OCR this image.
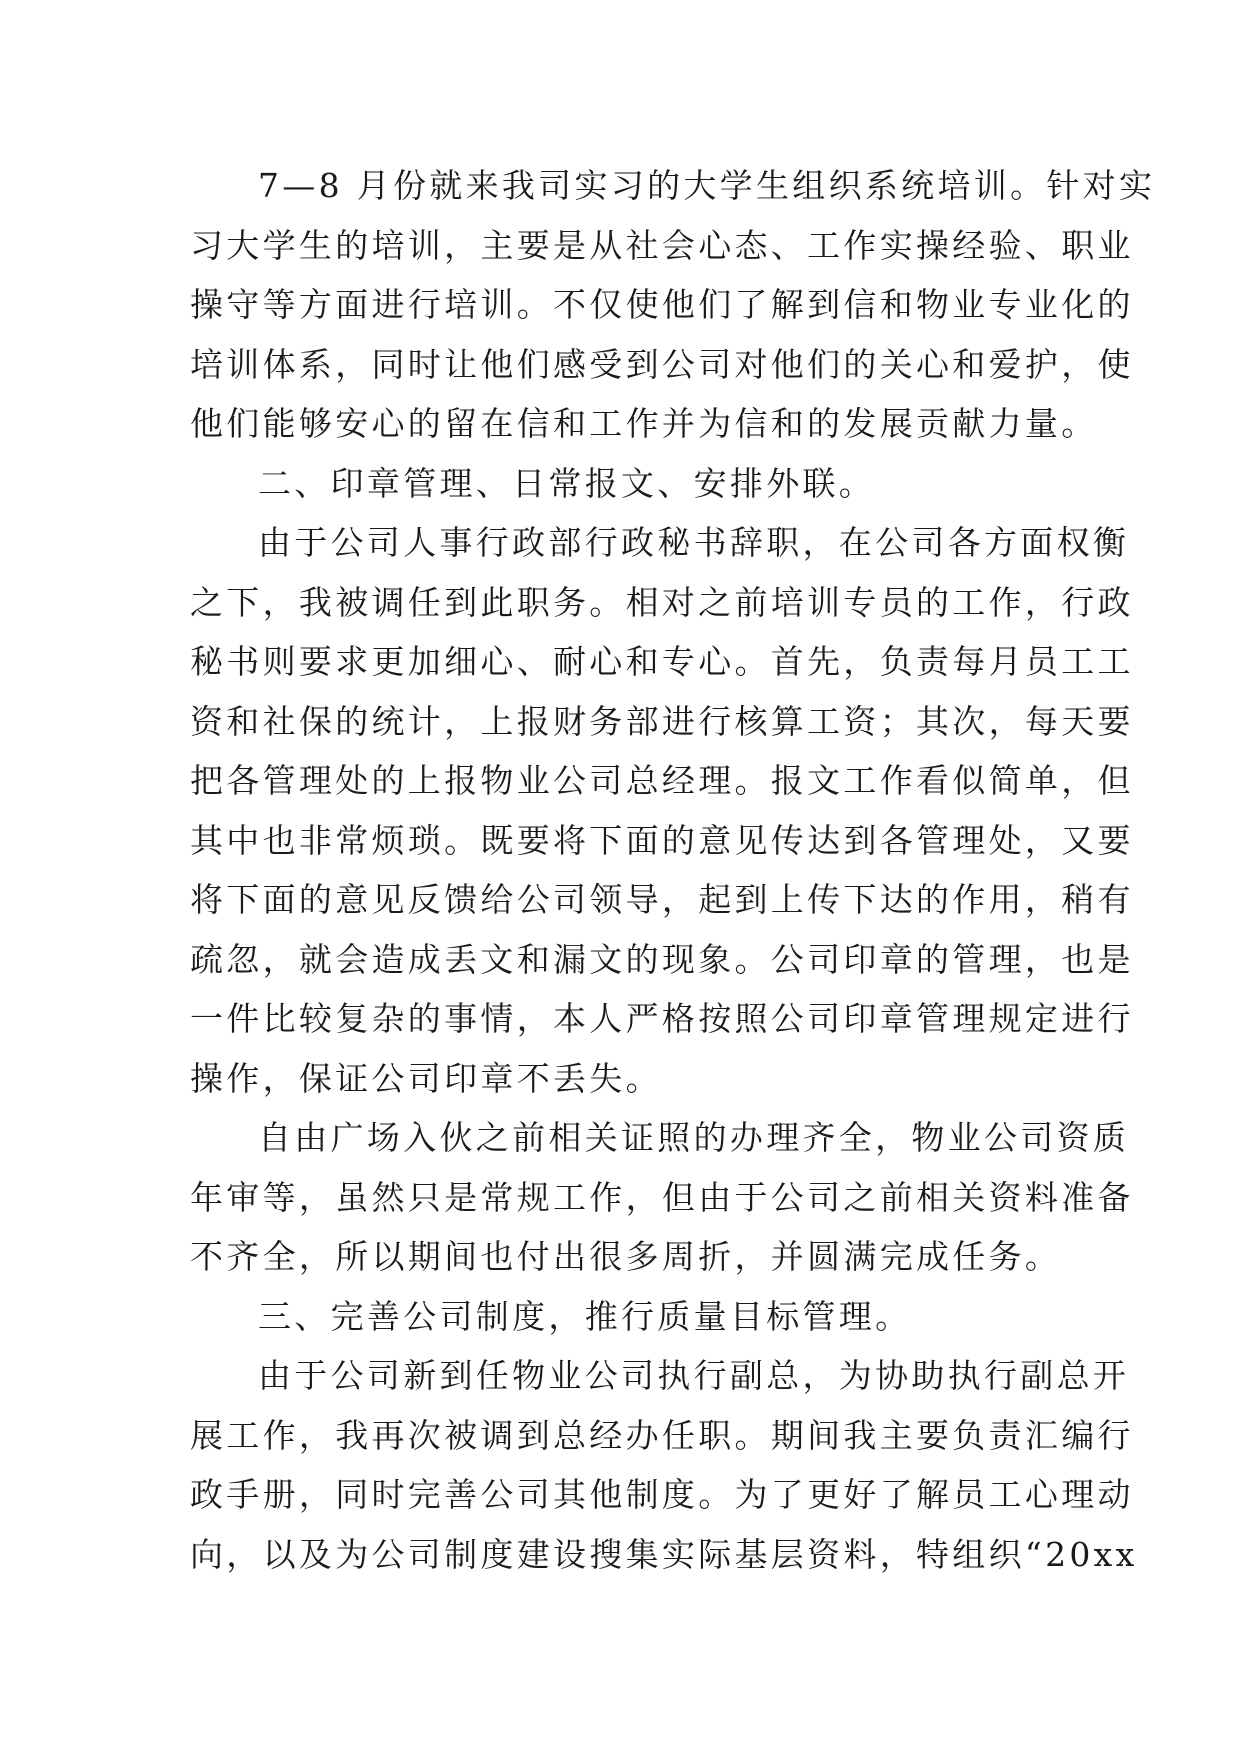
7—8 月份就来我司实习的大学生组织系统培训。针对实
习大学生的培训，主要是从社会心态、工作实操经验、职业
操守等方面进行培训。不仅使他们了解到信和物业专业化的
培训体系，同时让他们感受到公司对他们的关心和爱护，使
他们能够安心的留在信和工作并为信和的发展贡献力量。
二、印章管理、日常报文、安排外联。
由于公司人事行政部行政秘书辞职，在公司各方面权衡
之下，我被调任到此职务。相对之前培训专员的工作，行政
秘书则要求更加细心、耐心和专心。首先，负责每月员工工
资和社保的统计，上报财务部进行核算工资；其次，每天要
把各管理处的上报物业公司总经理。报文工作看似简单，但
其中也非常烦琐。既要将下面的意见传达到各管理处，又要
将下面的意见反馈给公司领导，起到上传下达的作用，稍有
疏忽，就会造成丢文和漏文的现象。公司印章的管理，也是
一件比较复杂的事情，本人严格按照公司印章管理规定进行
操作，保证公司印章不丢失。
自由广场入伙之前相关证照的办理齐全，物业公司资质
年审等，虽然只是常规工作，但由于公司之前相关资料准备
不齐全，所以期间也付出很多周折，并圆满完成任务。
三、完善公司制度，推行质量目标管理。
由于公司新到任物业公司执行副总，为协助执行副总开
展工作，我再次被调到总经办任职。期间我主要负责汇编行
政手册，同时完善公司其他制度。为了更好了解员工心理动
向，以及为公司制度建设搜集实际基层资料，特组织“20xx
